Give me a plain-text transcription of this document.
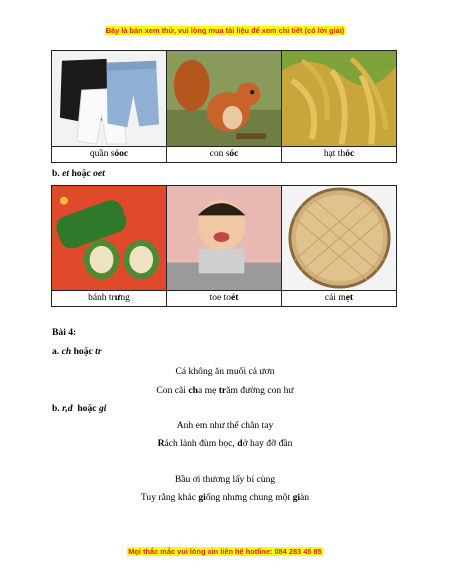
Đây là bản xem thử, vui lòng mua tài liệu để xem chi tiết (có lời giải)
quần sóoc	con sóc	hạt thóc
b. et hoặc oet
bánh trưng	toe toét	cái mẹt
Bài 4:
a. ch hoặc tr
Cá không ăn muối cá ươn
Con cãi cha mẹ trăm đường con hư
b. r,d  hoặc gi
Anh em như thể chân tay
Rách lành đùm bọc, dở hay đỡ đần
Bầu ơi thương lấy bí cùng
Tuy rằng khác giống nhưng chung một giàn
Mọi thắc mắc vui lòng xin liên hệ hotline: 084 283 45 85
